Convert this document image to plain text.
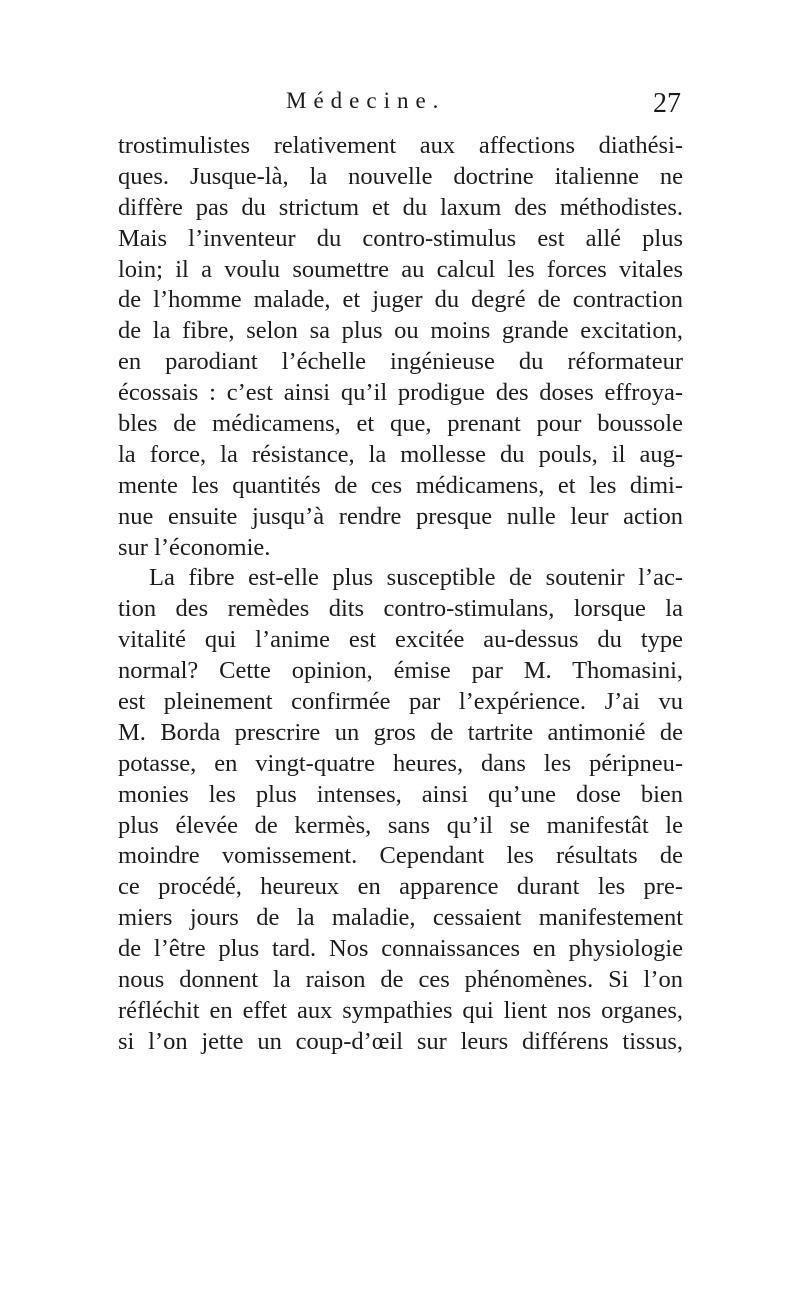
Médecine.	27
trostimulistes relativement aux affections diathési-
ques. Jusque-là, la nouvelle doctrine italienne ne
diffère pas du strictum et du laxum des méthodistes.
Mais l’inventeur du contro-stimulus est allé plus
loin; il a voulu soumettre au calcul les forces vitales
de l’homme malade, et juger du degré de contraction
de la fibre, selon sa plus ou moins grande excitation,
en parodiant l’échelle ingénieuse du réformateur
écossais : c’est ainsi qu’il prodigue des doses effroya-
bles de médicamens, et que, prenant pour boussole
la force, la résistance, la mollesse du pouls, il aug-
mente les quantités de ces médicamens, et les dimi-
nue ensuite jusqu’à rendre presque nulle leur action
sur l’économie.
La fibre est-elle plus susceptible de soutenir l’ac-
tion des remèdes dits contro-stimulans, lorsque la
vitalité qui l’anime est excitée au-dessus du type
normal? Cette opinion, émise par M. Thomasini,
est pleinement confirmée par l’expérience. J’ai vu
M. Borda prescrire un gros de tartrite antimonié de
potasse, en vingt-quatre heures, dans les péripneu-
monies les plus intenses, ainsi qu’une dose bien
plus élevée de kermès, sans qu’il se manifestât le
moindre vomissement. Cependant les résultats de
ce procédé, heureux en apparence durant les pre-
miers jours de la maladie, cessaient manifestement
de l’être plus tard. Nos connaissances en physiologie
nous donnent la raison de ces phénomènes. Si l’on
réfléchit en effet aux sympathies qui lient nos organes,
si l’on jette un coup-d’œil sur leurs différens tissus,
